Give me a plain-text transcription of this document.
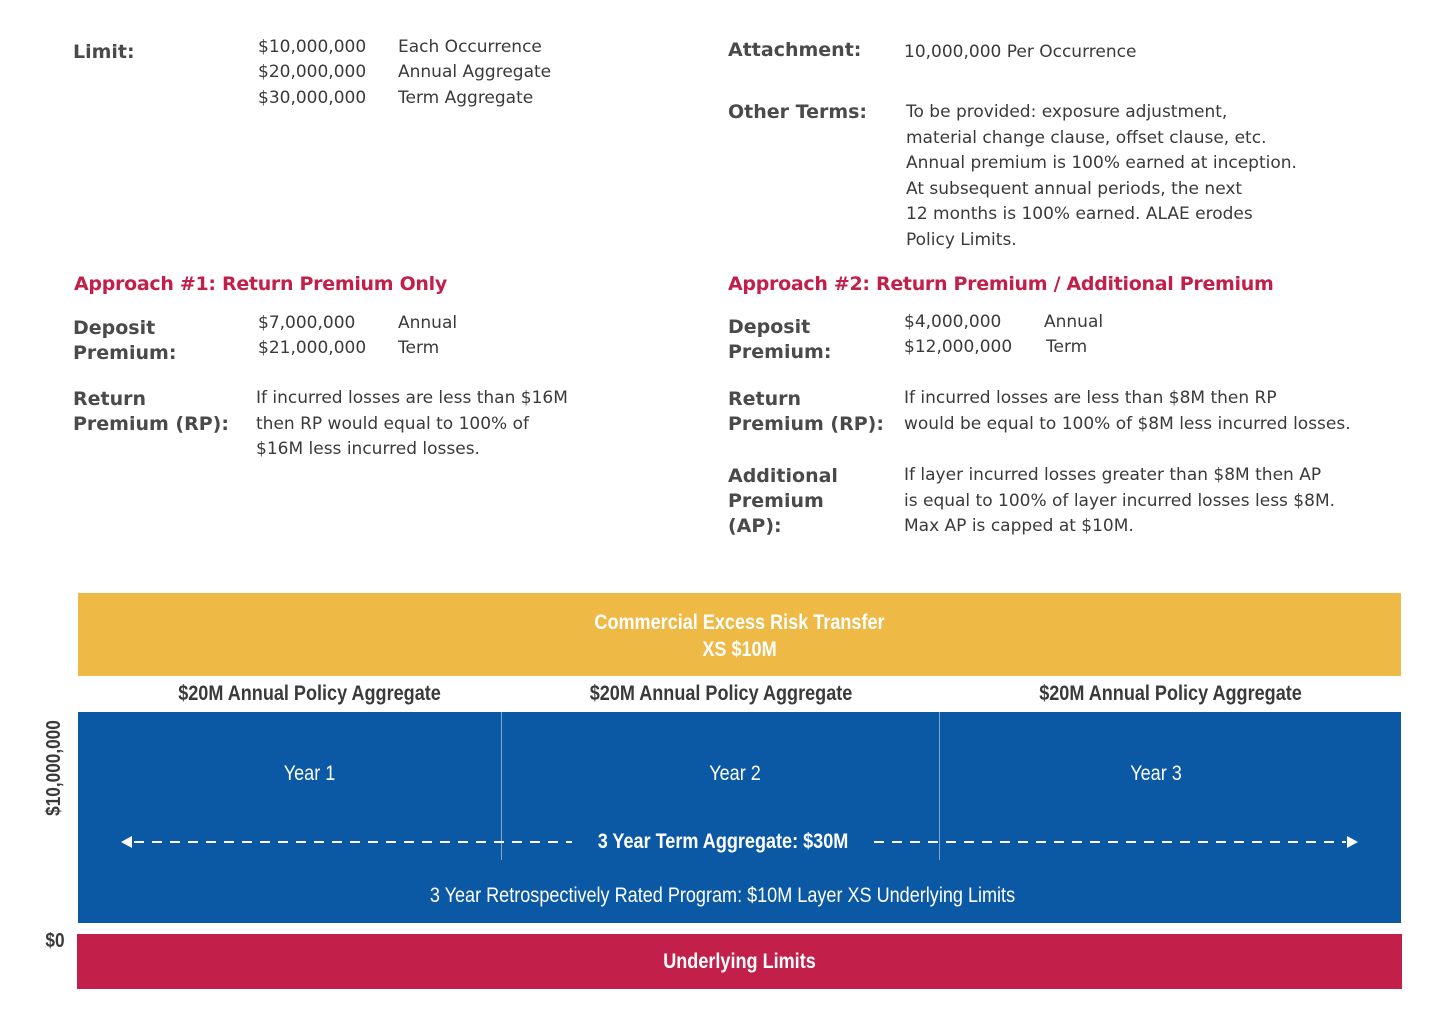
Limit:	$10,000,000 Each Occurrence
$20,000,000 Annual Aggregate
$30,000,000 Term Aggregate
Attachment:	10,000,000 Per Occurrence
Other Terms: To be provided: exposure adjustment,
material change clause, offset clause, etc.
Annual premium is 100% earned at inception.
At subsequent annual periods, the next
12 months is 100% earned. ALAE erodes
Policy Limits.
Approach #1: Return Premium Only
Deposit
Premium:
$7,000,000	Annual
$21,000,000 Term
Return
Premium (RP):
If incurred losses are less than $16M
then RP would equal to 100% of
$16M less incurred losses.
Approach #2: Return Premium / Additional Premium
Deposit
Premium:
$4,000,000	Annual
$12,000,000 Term
Return
Premium (RP):
If incurred losses are less than $8M then RP
would be equal to 100% of $8M less incurred losses.
Additional
Premium
(AP):
If layer incurred losses greater than $8M then AP
is equal to 100% of layer incurred losses less $8M.
Max AP is capped at $10M.
Commercial Excess Risk Transfer
XS $10M
$20M Annual Policy Aggregate	$20M Annual Policy Aggregate	$20M Annual Policy Aggregate
Year 1	Year 2	Year 3
3 Year Term Aggregate: $30M
3 Year Retrospectively Rated Program: $10M Layer XS Underlying Limits
Underlying Limits
$10,000,000
$0
